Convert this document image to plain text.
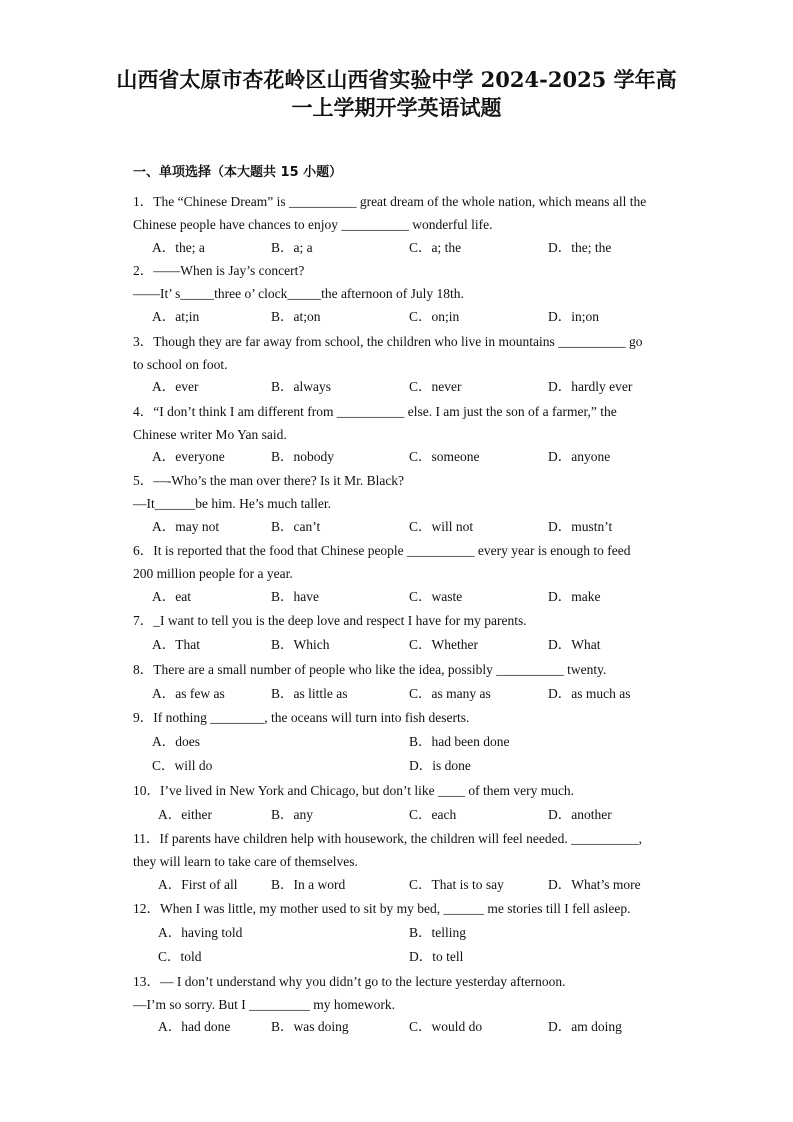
山西省太原市杏花岭区山西省实验中学 2024-2025 学年高
一上学期开学英语试题
一、单项选择（本大题共 15 小题）
1．The “Chinese Dream” is __________ great dream of the whole nation, which means all the
Chinese people have chances to enjoy __________ wonderful life.
A．the; a	B．a; a	C．a; the	D．the; the
2．——When is Jay’s concert?
——It’ s_____three o’ clock_____the afternoon of July 18th.
A．at;in	B．at;on	C．on;in	D．in;on
3．Though they are far away from school, the children who live in mountains __________ go
to school on foot.
A．ever	B．always	C．never	D．hardly ever
4．“I don’t think I am different from __________ else. I am just the son of a farmer,” the
Chinese writer Mo Yan said.
A．everyone	B．nobody	C．someone	D．anyone
5．—-Who’s the man over there? Is it Mr. Black?
—It______be him. He’s much taller.
A．may not	B．can’t	C．will not	D．mustn’t
6．It is reported that the food that Chinese people __________ every year is enough to feed
200 million people for a year.
A．eat	B．have	C．waste	D．make
7．_I want to tell you is the deep love and respect I have for my parents.
A．That	B．Which	C．Whether	D．What
8．There are a small number of people who like the idea, possibly __________ twenty.
A．as few as	B．as little as	C．as many as	D．as much as
9．If nothing ________, the oceans will turn into fish deserts.
A．does	B．had been done
C．will do	D．is done
10．I’ve lived in New York and Chicago, but don’t like ____ of them very much.
A．either	B．any	C．each	D．another
11．If parents have children help with housework, the children will feel needed. __________,
they will learn to take care of themselves.
A．First of all B．In a word	C．That is to say	D．What’s more
12．When I was little, my mother used to sit by my bed, ______ me stories till I fell asleep.
A．having told	B．telling
C．told	D．to tell
13．— I don’t understand why you didn’t go to the lecture yesterday afternoon.
—I’m so sorry. But I _________ my homework.
A．had done	B．was doing	C．would do	D．am doing
